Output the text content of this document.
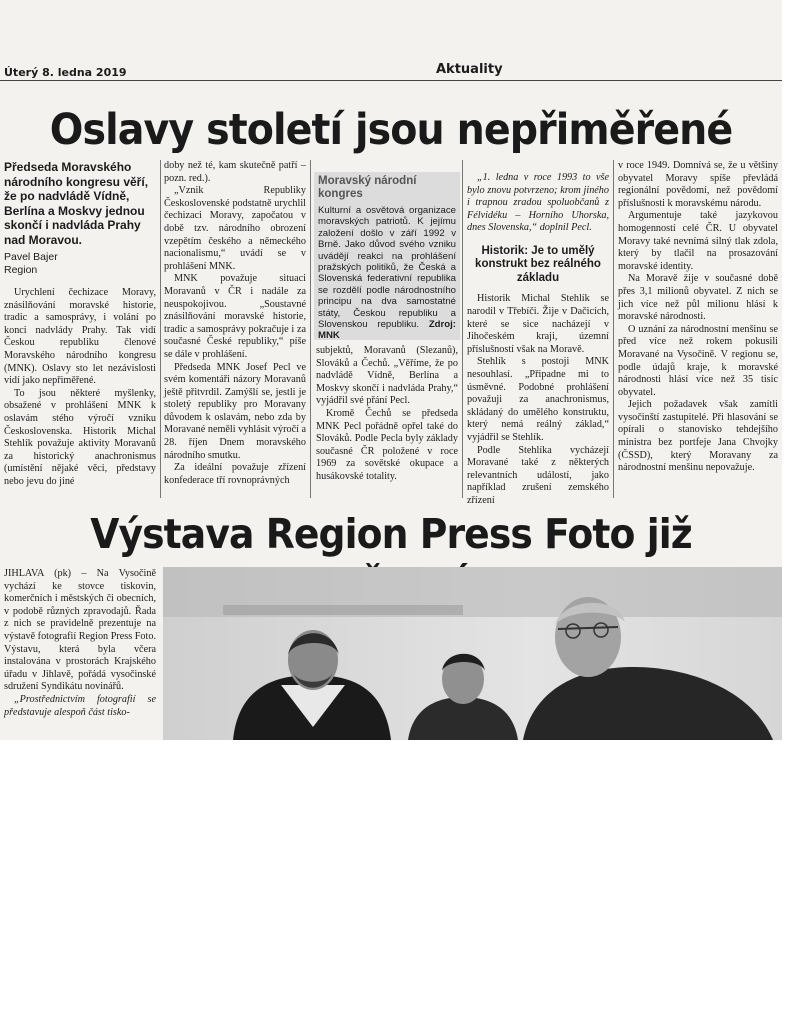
Úterý 8. ledna 2019	Aktuality
Oslavy století jsou nepřiměřené
Předseda Moravského národního kongresu věří, že po nadvládě Vídně, Berlína a Moskvy jednou skončí i nadvláda Prahy nad Moravou.
Pavel Bajer
Region

Urychlení čechizace Moravy, znásilňování moravské historie, tradic a samosprávy, i volání po konci nadvlády Prahy. Tak vidí Českou republiku členové Moravského národního kongresu (MNK). Oslavy sto let nezávislosti vidí jako nepřiměřené.

To jsou některé myšlenky, obsažené v prohlášení MNK k oslavám stého výročí vzniku Československa. Historik Michal Stehlík považuje aktivity Moravanů za historický anachronismus (umístění nějaké věci, představy nebo jevu do jiné

doby než té, kam skutečně patří – pozn. red.).

„Vznik Republiky Československé podstatně urychlil čechizaci Moravy, započatou v době tzv. národního obrození vzepětím českého a německého nacionalismu,“ uvádí se v prohlášení MNK.

MNK považuje situaci Moravanů v ČR i nadále za neuspokojivou. „Soustavné znásilňování moravské historie, tradic a samosprávy pokračuje i za současné České republiky,“ píše se dále v prohlášení.

Předseda MNK Josef Pecl ve svém komentáři názory Moravanů ještě přitvrdil. Zamýšlí se, jestli je stoletý republiky pro Moravany důvodem k oslavám, nebo zda by Moravané neměli vyhlásit výročí a 28. říjen Dnem moravského národního smutku.

Za ideální považuje zřízení konfederace tří rovnoprávných

Moravský národní kongres
Kulturní a osvětová organizace moravských patriotů. K jejímu založení došlo v září 1992 v Brně. Jako důvod svého vzniku uvádějí reakci na prohlášení pražských politiků, že Česká a Slovenská federativní republika se rozdělí podle národnostního principu na dva samostatné státy, Českou republiku a Slovenskou republiku. Zdroj: MNK

subjektů, Moravanů (Slezanů), Slováků a Čechů. „Věříme, že po nadvládě Vídně, Berlína a Moskvy skončí i nadvláda Prahy,“ vyjádřil své přání Pecl.

Kromě Čechů se předseda MNK Pecl pořádně opřel také do Slováků. Podle Pecla byly základy současné ČR položené v roce 1969 za sovětské okupace a husákovské totality.

„1. ledna v roce 1993 to vše bylo znovu potvrzeno; krom jiného i trapnou zradou spoluobčanů z Félvidéku – Horního Uhorska, dnes Slovenska,“ doplnil Pecl.

Historik: Je to umělý konstrukt bez reálného základu

Historik Michal Stehlík se narodil v Třebíči. Žije v Dačicích, které se sice nacházejí v Jihočeském kraji, územní příslušností však na Moravě.

Stehlík s postoji MNK nesouhlasí. „Připadne mi to úsměvné. Podobné prohlášení považuji za anachronismus, skládaný do umělého konstruktu, který nemá reálný základ,“ vyjádřil se Stehlík.

Podle Stehlíka vycházejí Moravané také z některých relevantních událostí, jako například zrušení zemského zřízení

v roce 1949. Domnívá se, že u většiny obyvatel Moravy spíše převládá regionální povědomí, než povědomí příslušnosti k moravskému národu.

Argumentuje také jazykovou homogenností celé ČR. U obyvatel Moravy také nevnímá silný tlak zdola, který by tlačil na prosazování moravské identity.

Na Moravě žije v současné době přes 3,1 milionů obyvatel. Z nich se jich více než půl milionu hlásí k moravské národnosti.

O uznání za národnostní menšinu se před více než rokem pokusili Moravané na Vysočině. V regionu se, podle údajů kraje, k moravské národnosti hlásí více než 35 tisíc obyvatel.

Jejich požadavek však zamítli vysočinští zastupitelé. Při hlasování se opírali o stanovisko tehdejšího ministra bez portfeje Jana Chvojky (ČSSD), který Moravany za národnostní menšinu nepovažuje.

Výstava Region Press Foto již

JIHLAVA (pk) – Na Vysočině vychází ke stovce tiskovin, komerčních i městských či obecních, v podobě různých zpravodajů. Řada z nich se pravidelně prezentuje na výstavě fotografií Region Press Foto. Výstavu, která byla včera instalována v prostorách Krajského úřadu v Jihlavě, pořádá vysočinské sdružení Syndikátu novinářů.

„Prostřednictvím fotografií se představuje alespoň část tisko-
